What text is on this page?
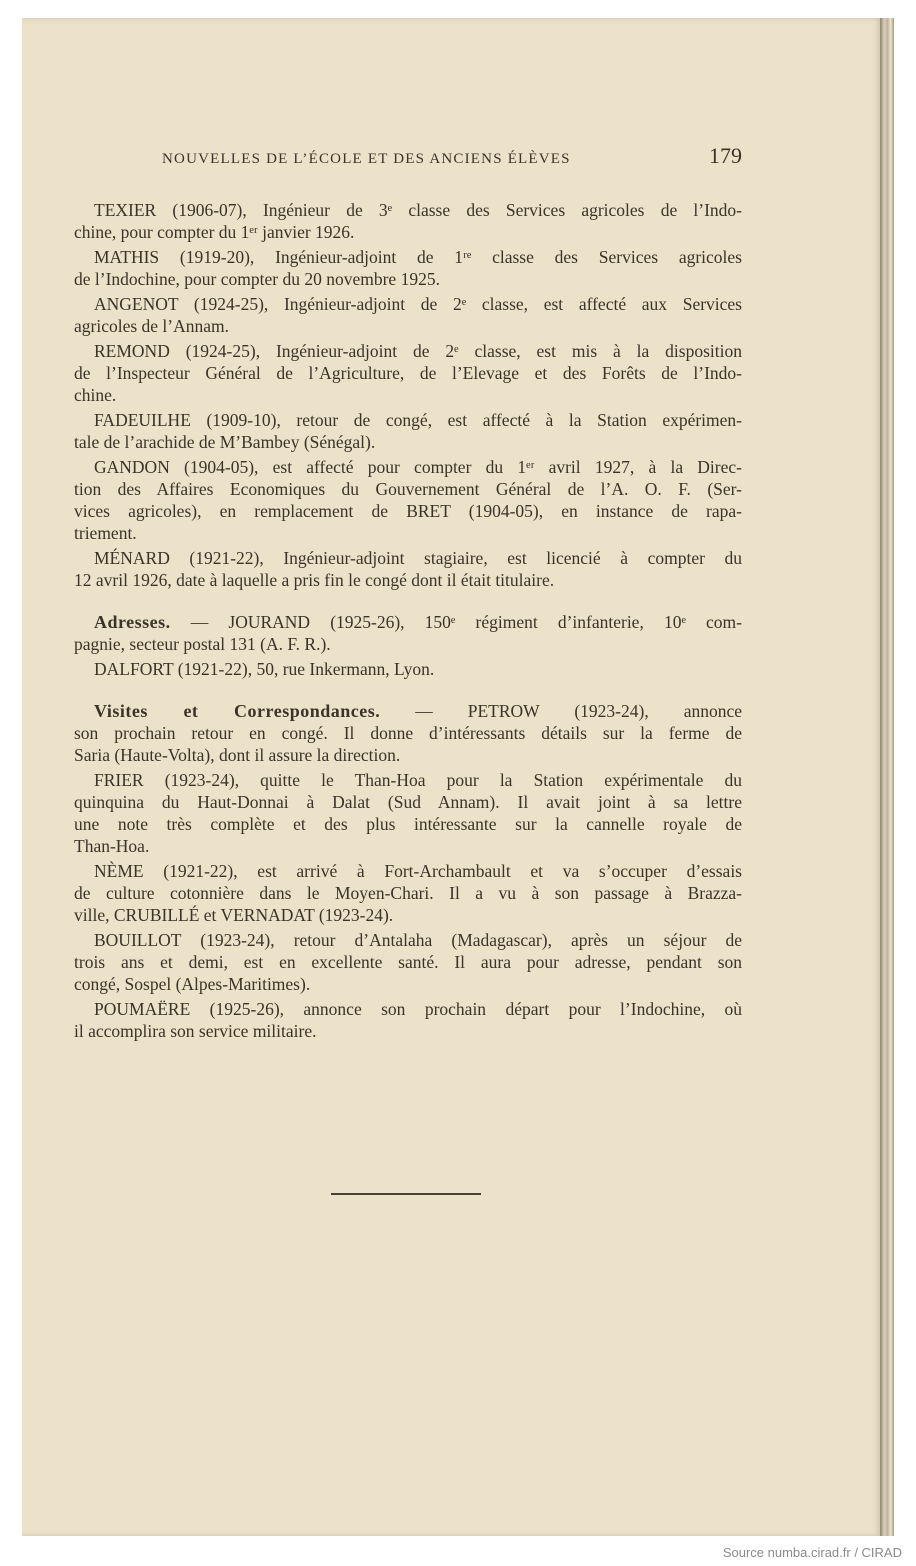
NOUVELLES DE L’ÉCOLE ET DES ANCIENS ÉLÈVES	179
TEXIER (1906-07), Ingénieur de 3ᵉ classe des Services agricoles de l’Indo-
chine, pour compter du 1ᵉʳ janvier 1926.
MATHIS (1919-20), Ingénieur-adjoint de 1ʳᵉ classe des Services agricoles
de l’Indochine, pour compter du 20 novembre 1925.
ANGENOT (1924-25), Ingénieur-adjoint de 2ᵉ classe, est affecté aux Services
agricoles de l’Annam.
REMOND (1924-25), Ingénieur-adjoint de 2ᵉ classe, est mis à la disposition
de l’Inspecteur Général de l’Agriculture, de l’Elevage et des Forêts de l’Indo-
chine.
FADEUILHE (1909-10), retour de congé, est affecté à la Station expérimen-
tale de l’arachide de M’Bambey (Sénégal).
GANDON (1904-05), est affecté pour compter du 1ᵉʳ avril 1927, à la Direc-
tion des Affaires Economiques du Gouvernement Général de l’A. O. F. (Ser-
vices agricoles), en remplacement de BRET (1904-05), en instance de rapa-
triement.
MÉNARD (1921-22), Ingénieur-adjoint stagiaire, est licencié à compter du
12 avril 1926, date à laquelle a pris fin le congé dont il était titulaire.
Adresses. — JOURAND (1925-26), 150ᵉ régiment d’infanterie, 10ᵉ com-
pagnie, secteur postal 131 (A. F. R.).
DALFORT (1921-22), 50, rue Inkermann, Lyon.
Visites et Correspondances. — PETROW (1923-24), annonce
son prochain retour en congé. Il donne d’intéressants détails sur la ferme de
Saria (Haute-Volta), dont il assure la direction.
FRIER (1923-24), quitte le Than-Hoa pour la Station expérimentale du
quinquina du Haut-Donnai à Dalat (Sud Annam). Il avait joint à sa lettre
une note très complète et des plus intéressante sur la cannelle royale de
Than-Hoa.
NÈME (1921-22), est arrivé à Fort-Archambault et va s’occuper d’essais
de culture cotonnière dans le Moyen-Chari. Il a vu à son passage à Brazza-
ville, CRUBILLÉ et VERNADAT (1923-24).
BOUILLOT (1923-24), retour d’Antalaha (Madagascar), après un séjour de
trois ans et demi, est en excellente santé. Il aura pour adresse, pendant son
congé, Sospel (Alpes-Maritimes).
POUMAËRE (1925-26), annonce son prochain départ pour l’Indochine, où
il accomplira son service militaire.
Source numba.cirad.fr / CIRAD
